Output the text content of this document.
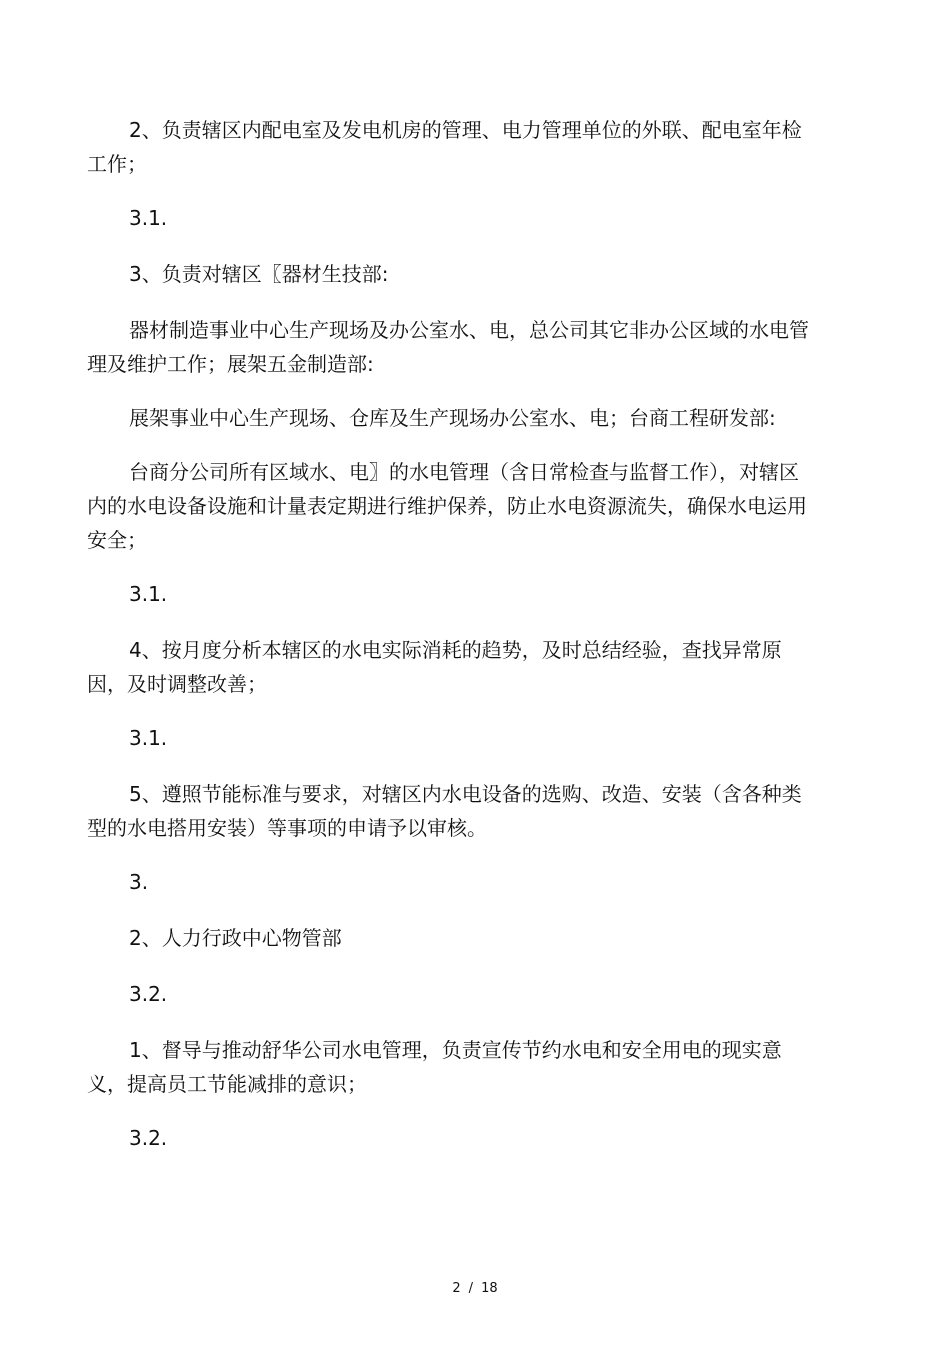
2、负责辖区内配电室及发电机房的管理、电力管理单位的外联、配电室年检工作；

3.1.

3、负责对辖区〖器材生技部:

器材制造事业中心生产现场及办公室水、电，总公司其它非办公区域的水电管理及维护工作；展架五金制造部:

展架事业中心生产现场、仓库及生产现场办公室水、电；台商工程研发部:

台商分公司所有区域水、电〗的水电管理（含日常检查与监督工作），对辖区内的水电设备设施和计量表定期进行维护保养，防止水电资源流失，确保水电运用安全；

3.1.

4、按月度分析本辖区的水电实际消耗的趋势，及时总结经验，查找异常原因，及时调整改善；

3.1.

5、遵照节能标准与要求，对辖区内水电设备的选购、改造、安装（含各种类型的水电搭用安装）等事项的申请予以审核。

3.

2、人力行政中心物管部

3.2.

1、督导与推动舒华公司水电管理，负责宣传节约水电和安全用电的现实意义，提高员工节能减排的意识；

3.2.

2 / 18
